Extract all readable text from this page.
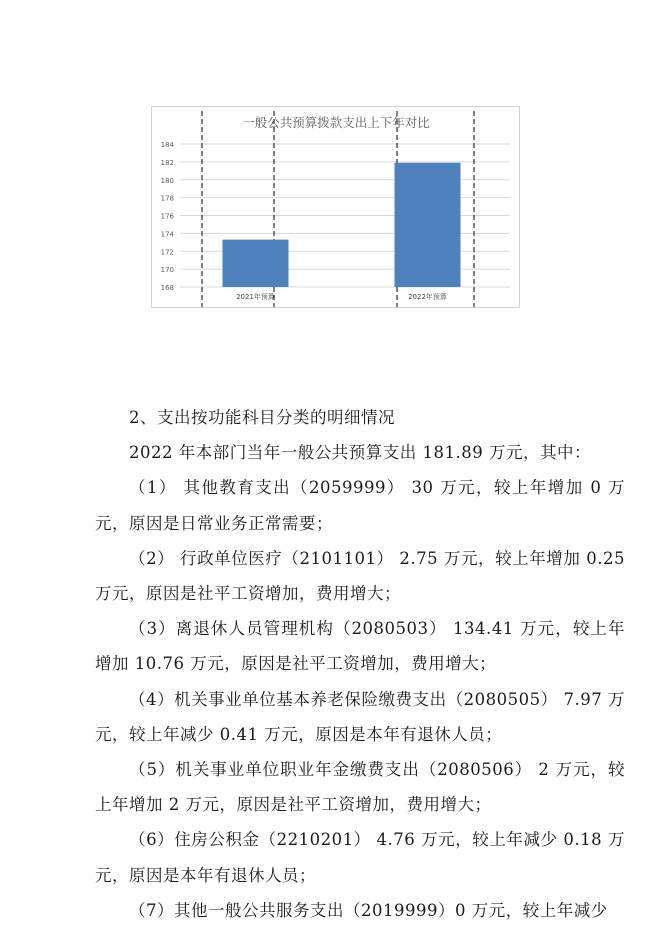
168
170
172
174
176
178
180
182
184
2021年预算	2022年预算
一般公共预算拨款支出上下年对比

2、支出按功能科目分类的明细情况

2022 年本部门当年一般公共预算支出 181.89 万元，其中：

（1） 其他教育支出（2059999） 30 万元，较上年增加 0 万元，原因是日常业务正常需要；

（2） 行政单位医疗（2101101） 2.75 万元，较上年增加 0.25 万元，原因是社平工资增加，费用增大；

（3）离退休人员管理机构（2080503） 134.41 万元，较上年增加 10.76 万元，原因是社平工资增加，费用增大；

（4）机关事业单位基本养老保险缴费支出（2080505） 7.97 万元，较上年减少 0.41 万元，原因是本年有退休人员；

（5）机关事业单位职业年金缴费支出（2080506） 2 万元，较上年增加 2 万元，原因是社平工资增加，费用增大；

（6）住房公积金（2210201） 4.76 万元，较上年减少 0.18 万元，原因是本年有退休人员；

（7）其他一般公共服务支出（2019999）0 万元，较上年减少
